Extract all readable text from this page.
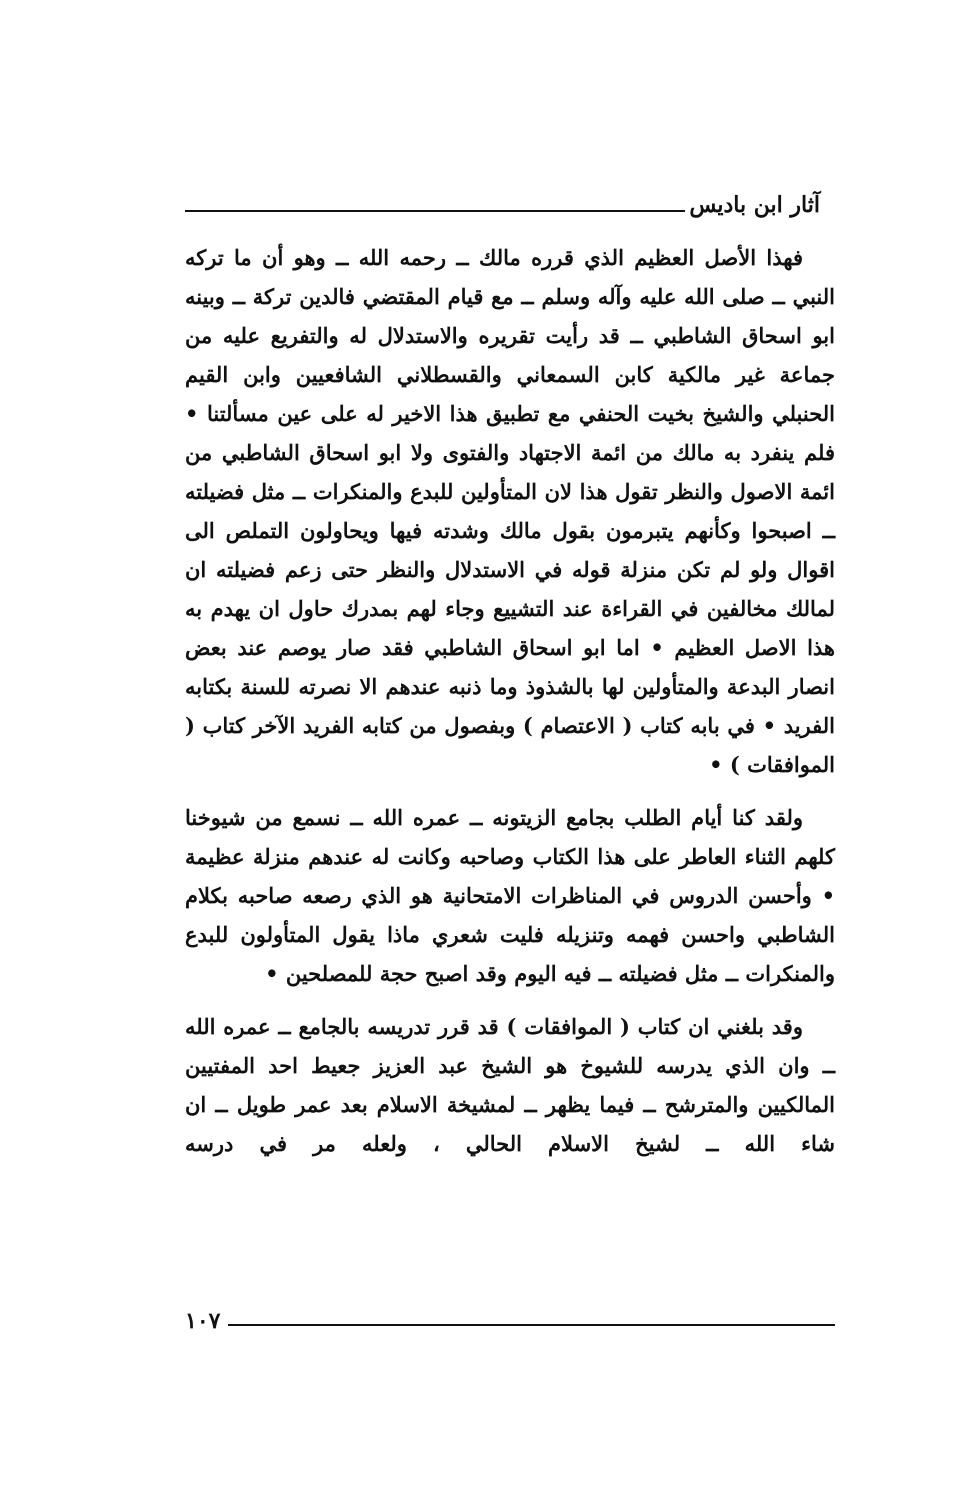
آثار ابن باديس

فهذا الأصل العظيم الذي قرره مالك ــ رحمه الله ــ وهو أن ما تركه النبي ــ صلى الله عليه وآله وسلم ــ مع قيام المقتضي فالدين تركة ــ وبينه ابو اسحاق الشاطبي ــ قد رأيت تقريره والاستدلال له والتفريع عليه من جماعة غير مالكية كابن السمعاني والقسطلاني الشافعيين وابن القيم الحنبلي والشيخ بخيت الحنفي مع تطبيق هذا الاخير له على عين مسألتنا • فلم ينفرد به مالك من ائمة الاجتهاد والفتوى ولا ابو اسحاق الشاطبي من ائمة الاصول والنظر تقول هذا لان المتأولين للبدع والمنكرات ــ مثل فضيلته ــ اصبحوا وكأنهم يتبرمون بقول مالك وشدته فيها ويحاولون التملص الى اقوال ولو لم تكن منزلة قوله في الاستدلال والنظر حتى زعم فضيلته ان لمالك مخالفين في القراءة عند التشييع وجاء لهم بمدرك حاول ان يهدم به هذا الاصل العظيم • اما ابو اسحاق الشاطبي فقد صار يوصم عند بعض انصار البدعة والمتأولين لها بالشذوذ وما ذنبه عندهم الا نصرته للسنة بكتابه الفريد • في بابه كتاب ( الاعتصام ) وبفصول من كتابه الفريد الآخر كتاب ( الموافقات ) •

ولقد كنا أيام الطلب بجامع الزيتونه ــ عمره الله ــ نسمع من شيوخنا كلهم الثناء العاطر على هذا الكتاب وصاحبه وكانت له عندهم منزلة عظيمة • وأحسن الدروس في المناظرات الامتحانية هو الذي رصعه صاحبه بكلام الشاطبي واحسن فهمه وتنزيله فليت شعري ماذا يقول المتأولون للبدع والمنكرات ــ مثل فضيلته ــ فيه اليوم وقد اصبح حجة للمصلحين •

وقد بلغني ان كتاب ( الموافقات ) قد قرر تدريسه بالجامع ــ عمره الله ــ وان الذي يدرسه للشيوخ هو الشيخ عبد العزيز جعيط احد المفتيين المالكيين والمترشح ــ فيما يظهر ــ لمشيخة الاسلام بعد عمر طويل ــ ان شاء الله ــ لشيخ الاسلام الحالي ، ولعله مر في درسه

١٠٧
